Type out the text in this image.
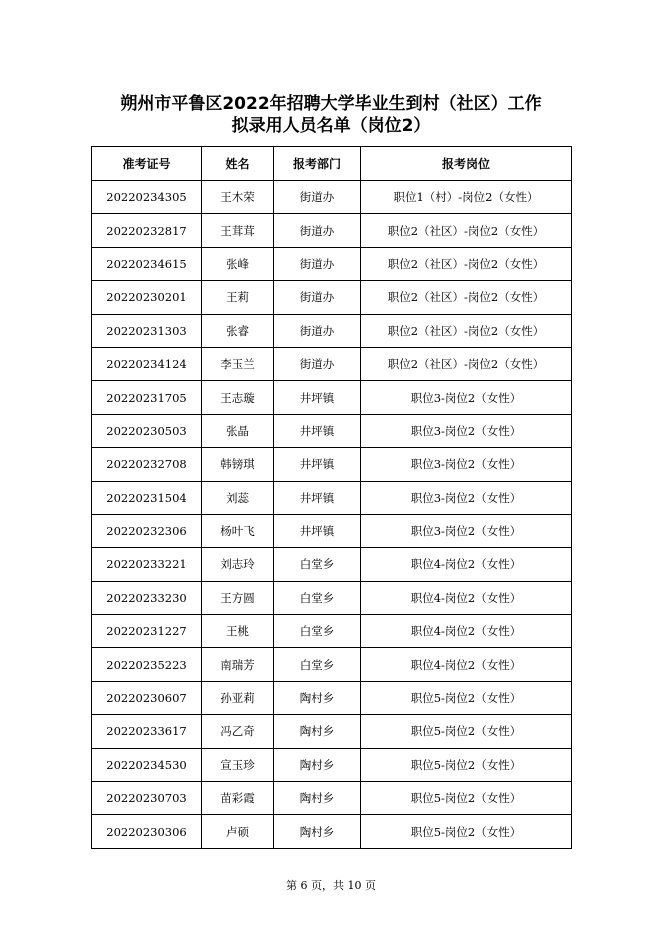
朔州市平鲁区2022年招聘大学毕业生到村（社区）工作
拟录用人员名单（岗位2）
准考证号	姓名	报考部门	报考岗位
20220234305	王木荣	街道办	职位1（村）-岗位2（女性）
20220232817	王茸茸	街道办	职位2（社区）-岗位2（女性）
20220234615	张峰	街道办	职位2（社区）-岗位2（女性）
20220230201	王莉	街道办	职位2（社区）-岗位2（女性）
20220231303	张睿	街道办	职位2（社区）-岗位2（女性）
20220234124	李玉兰	街道办	职位2（社区）-岗位2（女性）
20220231705	王志璇	井坪镇	职位3-岗位2（女性）
20220230503	张晶	井坪镇	职位3-岗位2（女性）
20220232708	韩镑琪	井坪镇	职位3-岗位2（女性）
20220231504	刘蕊	井坪镇	职位3-岗位2（女性）
20220232306	杨叶飞	井坪镇	职位3-岗位2（女性）
20220233221	刘志玲	白堂乡	职位4-岗位2（女性）
20220233230	王方圆	白堂乡	职位4-岗位2（女性）
20220231227	王桃	白堂乡	职位4-岗位2（女性）
20220235223	南瑞芳	白堂乡	职位4-岗位2（女性）
20220230607	孙亚莉	陶村乡	职位5-岗位2（女性）
20220233617	冯乙奇	陶村乡	职位5-岗位2（女性）
20220234530	宣玉珍	陶村乡	职位5-岗位2（女性）
20220230703	苗彩霞	陶村乡	职位5-岗位2（女性）
20220230306	卢硕	陶村乡	职位5-岗位2（女性）
第 6 页，共 10 页
